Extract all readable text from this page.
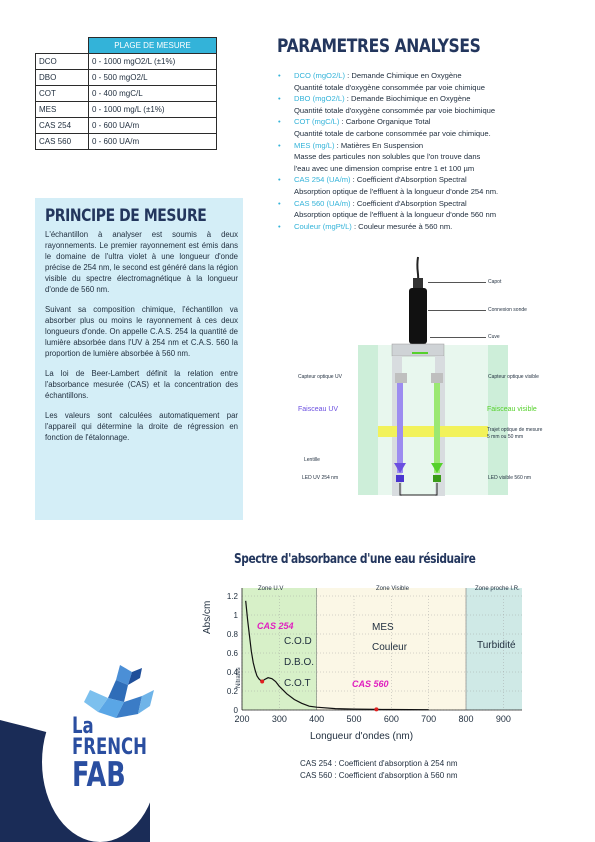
	PLAGE DE MESURE
DCO	0 - 1000 mgO2/L (±1%)
DBO	0 - 500 mgO2/L
COT	0 - 400 mgC/L
MES	0 - 1000 mg/L (±1%)
CAS 254	0 - 600 UA/m
CAS 560	0 - 600 UA/m
PARAMETRES ANALYSES
• DCO (mgO2/L) : Demande Chimique en Oxygène
Quantité totale d'oxygène consommée par voie chimique
• DBO (mgO2/L) : Demande Biochimique en Oxygène
Quantité totale d'oxygène consommée par voie biochimique
• COT (mgC/L) : Carbone Organique Total
Quantité totale de carbone consommée par voie chimique.
• MES (mg/L) : Matières En Suspension
Masse des particules non solubles que l'on trouve dans
l'eau avec une dimension comprise entre 1 et 100 µm
• CAS 254 (UA/m) : Coefficient d'Absorption Spectral
Absorption optique de l'effluent à la longueur d'onde 254 nm.
• CAS 560 (UA/m) : Coefficient d'Absorption Spectral
Absorption optique de l'effluent à la longueur d'onde 560 nm
• Couleur (mgPt/L) : Couleur mesurée à 560 nm.
PRINCIPE DE MESURE

L'échantillon à analyser est soumis à deux rayonnements. Le premier rayonnement est émis dans le domaine de l'ultra violet à une longueur d'onde précise de 254 nm, le second est généré dans la région visible du spectre électromagnétique à la longueur d'onde de 560 nm.

Suivant sa composition chimique, l'échantillon va absorber plus ou moins le rayonnement à ces deux longueurs d'onde. On appelle C.A.S. 254 la quantité de lumière absorbée dans l'UV à 254 nm et C.A.S. 560 la proportion de lumière absorbée à 560 nm.

La loi de Beer-Lambert définit la relation entre l'absorbance mesurée (CAS) et la concentration des échantillons.

Les valeurs sont calculées automatiquement par l'appareil qui détermine la droite de régression en fonction de l'étalonnage.

Capot
Connexion sonde
Cuve
Capteur optique UV	Capteur optique visible
Faisceau UV	Faisceau visible
Trajet optique de mesure
5 mm ou 50 mm
Lentille
LED UV 254 nm	LED visible 560 nm
La
FRENCH
FAB
Spectre d'absorbance d'une eau résiduaire
200 300 400 500 600 700 800 900
0
0.2
0.4
0.6
0.8
1
1.2
Zone U.V	Zone Visible	Zone proche I.R.
C.O.D
D.B.O.
C.O.T
MES
Couleur	Turbidité
Nitrates
CAS 254
CAS 560
Abs/cm
Longueur d'ondes (nm)
CAS 254 : Coefficient d'absorption à 254 nm
CAS 560 : Coefficient d'absorption à 560 nm
